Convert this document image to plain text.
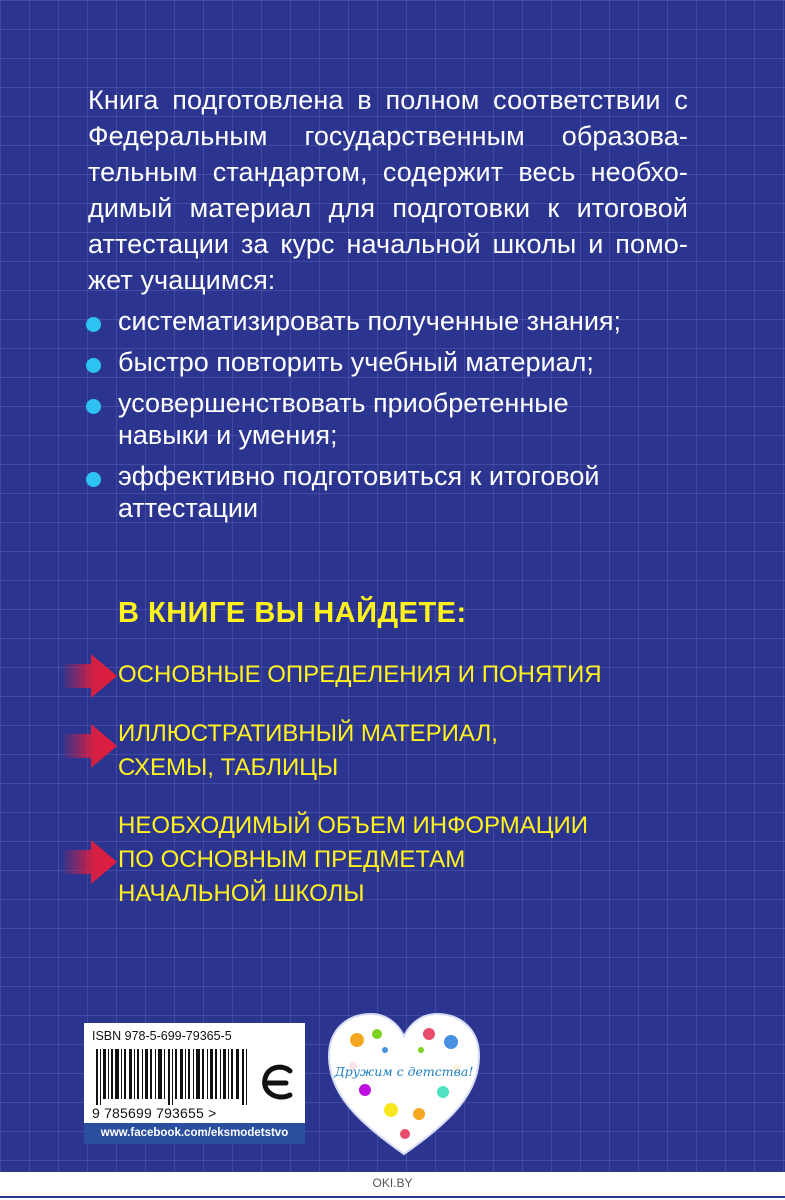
Книга подготовлена в полном соответствии с Федеральным государственным образова- тельным стандартом, содержит весь необхо- димый материал для подготовки к итоговой аттестации за курс начальной школы и помо- жет учащимся:
систематизировать полученные знания;
быстро повторить учебный материал;
усовершенствовать приобретенные
навыки и умения;
эффективно подготовиться к итоговой
аттестации
В КНИГЕ ВЫ НАЙДЕТЕ:
ОСНОВНЫЕ ОПРЕДЕЛЕНИЯ И ПОНЯТИЯ
ИЛЛЮСТРАТИВНЫЙ МАТЕРИАЛ,
СХЕМЫ, ТАБЛИЦЫ
НЕОБХОДИМЫЙ ОБЪЕМ ИНФОРМАЦИИ
ПО ОСНОВНЫМ ПРЕДМЕТАМ
НАЧАЛЬНОЙ ШКОЛЫ
ISBN 978-5-699-79365-5
9 785699 793655 >
www.facebook.com/eksmodetstvo
Дружим с детства!
OKI.BY
